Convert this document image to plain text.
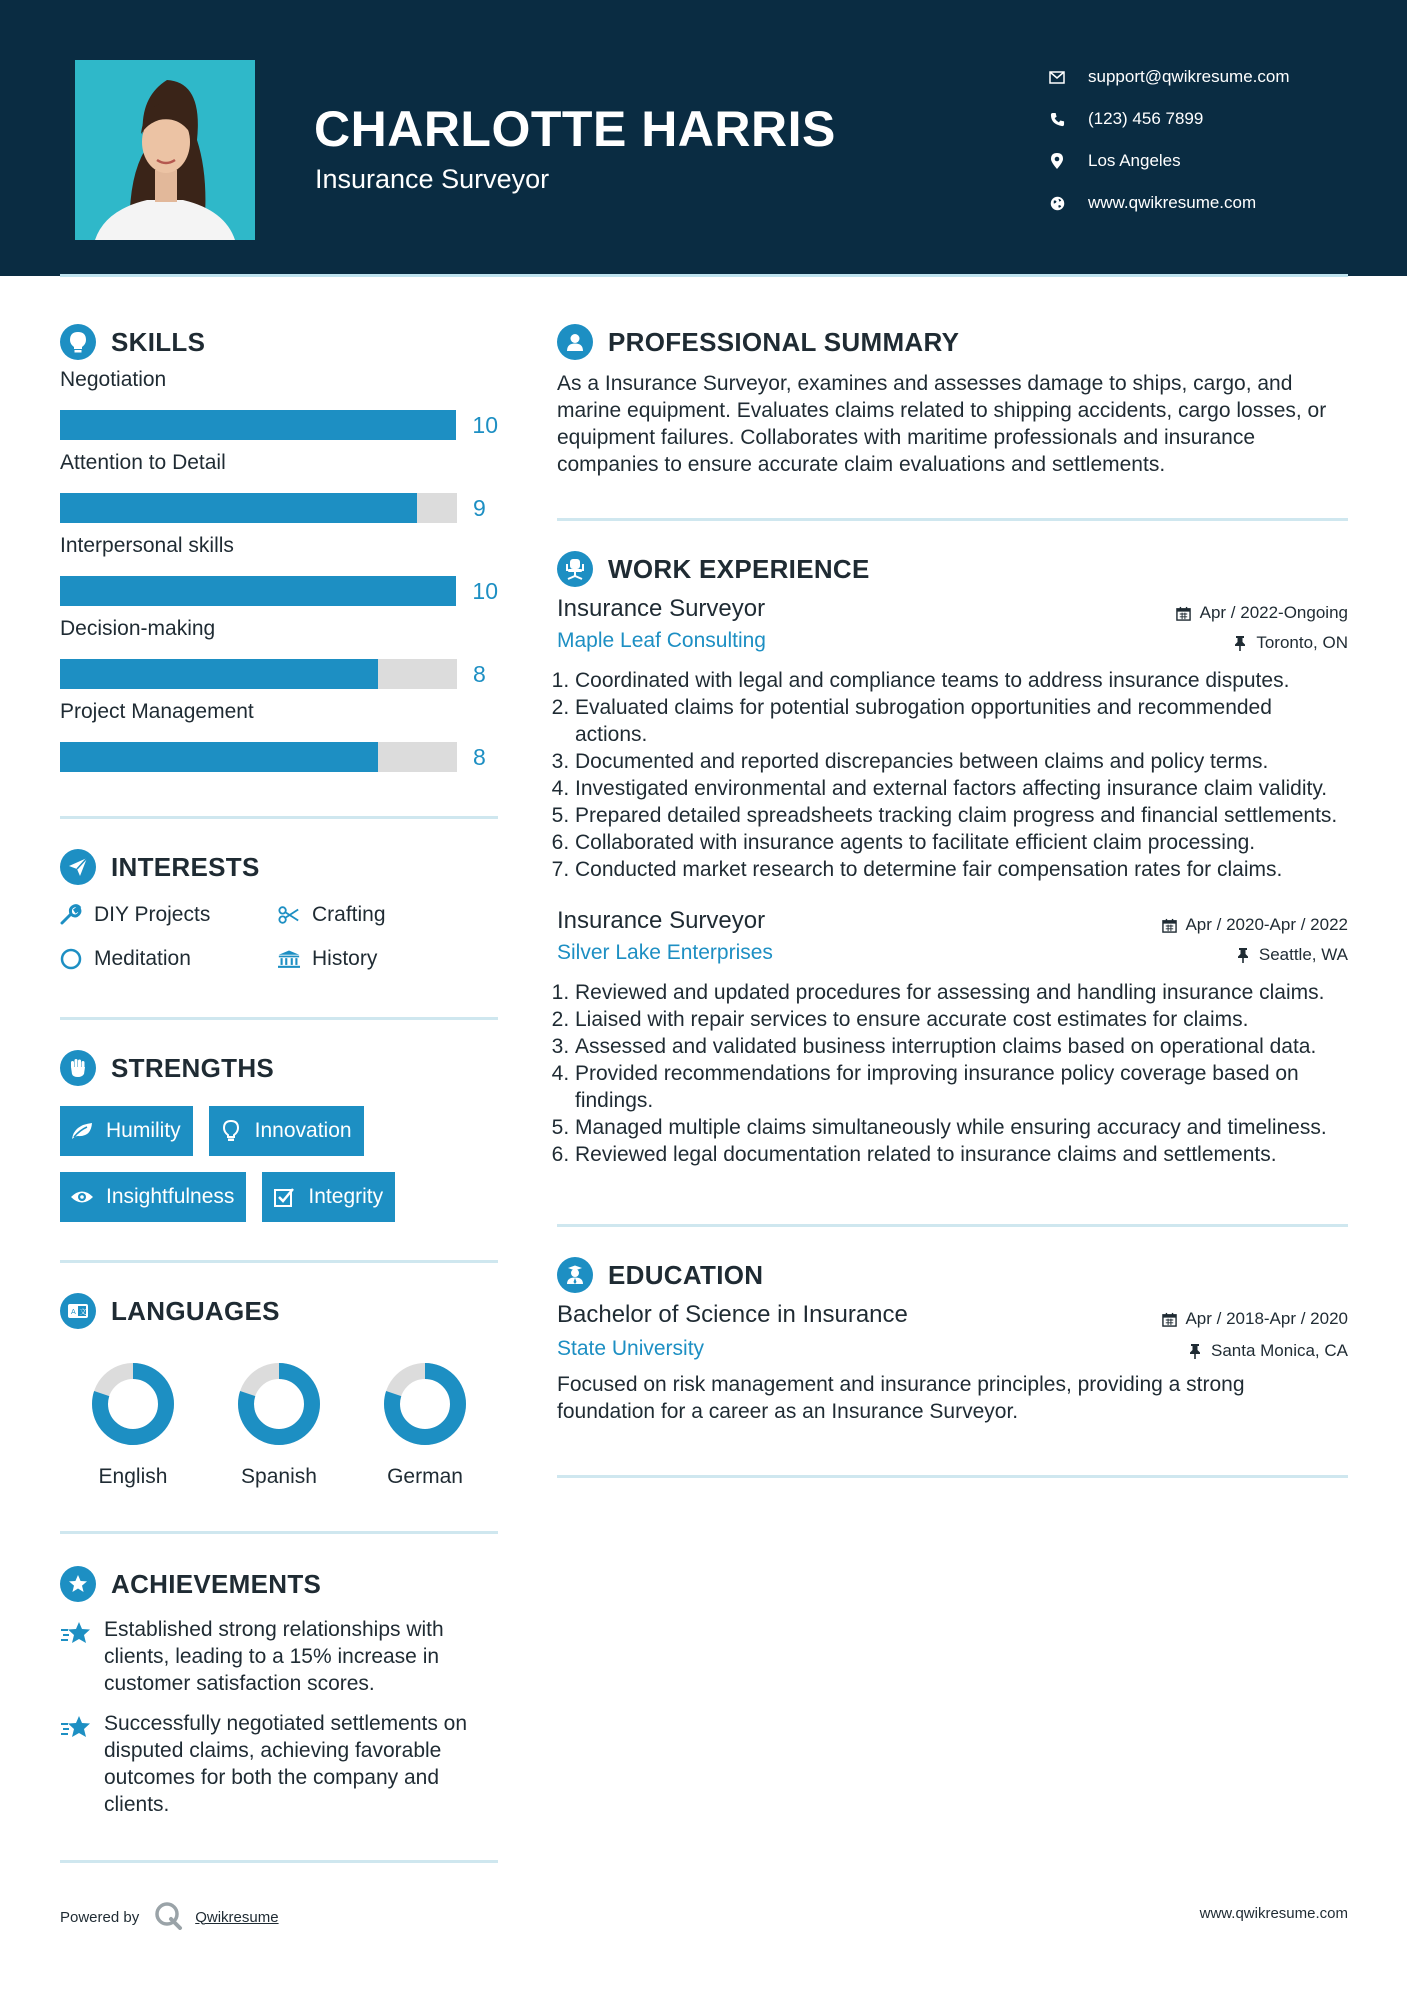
CHARLOTTE HARRIS
Insurance Surveyor
support@qwikresume.com
(123) 456 7899
Los Angeles
www.qwikresume.com
SKILLS
Negotiation
10
Attention to Detail
9
Interpersonal skills
10
Decision-making
8
Project Management
8
INTERESTS
DIY Projects	Crafting
Meditation	History
STRENGTHS
Humility	Innovation
Insightfulness	Integrity
A 文 LANGUAGES
English	Spanish	German
ACHIEVEMENTS
Established strong relationships with clients, leading to a 15% increase in customer satisfaction scores.
Successfully negotiated settlements on disputed claims, achieving favorable outcomes for both the company and clients.
PROFESSIONAL SUMMARY
As a Insurance Surveyor, examines and assesses damage to ships, cargo, and marine equipment. Evaluates claims related to shipping accidents, cargo losses, or equipment failures. Collaborates with maritime professionals and insurance companies to ensure accurate claim evaluations and settlements.
WORK EXPERIENCE
Insurance Surveyor	Apr / 2022-Ongoing
Maple Leaf Consulting	Toronto, ON
1. Coordinated with legal and compliance teams to address insurance disputes.
2. Evaluated claims for potential subrogation opportunities and recommended actions.
3. Documented and reported discrepancies between claims and policy terms.
4. Investigated environmental and external factors affecting insurance claim validity.
5. Prepared detailed spreadsheets tracking claim progress and financial settlements.
6. Collaborated with insurance agents to facilitate efficient claim processing.
7. Conducted market research to determine fair compensation rates for claims.
Insurance Surveyor	Apr / 2020-Apr / 2022
Silver Lake Enterprises	Seattle, WA
1. Reviewed and updated procedures for assessing and handling insurance claims.
2. Liaised with repair services to ensure accurate cost estimates for claims.
3. Assessed and validated business interruption claims based on operational data.
4. Provided recommendations for improving insurance policy coverage based on findings.
5. Managed multiple claims simultaneously while ensuring accuracy and timeliness.
6. Reviewed legal documentation related to insurance claims and settlements.
EDUCATION
Bachelor of Science in Insurance	Apr / 2018-Apr / 2020
State University	Santa Monica, CA
Focused on risk management and insurance principles, providing a strong foundation for a career as an Insurance Surveyor.
Powered by	Qwikresume	www.qwikresume.com
